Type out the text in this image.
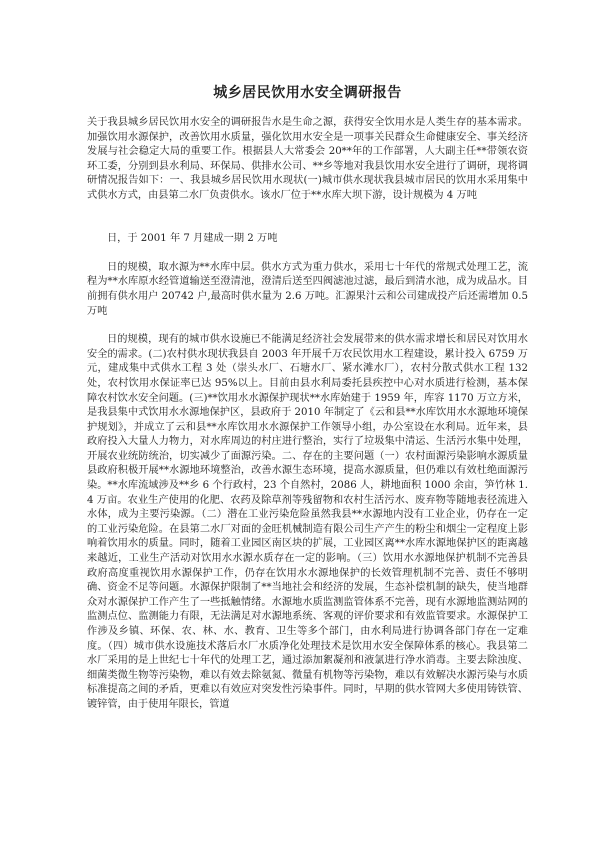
城乡居民饮用水安全调研报告

关于我县城乡居民饮用水安全的调研报告水是生命之源，获得安全饮用水是人类生存的基本需求。加强饮用水源保护，改善饮用水质量，强化饮用水安全是一项事关民群众生命健康安全、事关经济发展与社会稳定大局的重要工作。根据县人大常委会 20**年的工作部署，人大副主任**带领农资环工委，分别到县水利局、环保局、供排水公司、**乡等地对我县饮用水安全进行了调研，现将调研情况报告如下：一、我县城乡居民饮用水现状(一)城市供水现状我县城市居民的饮用水采用集中式供水方式，由县第二水厂负责供水。该水厂位于**水库大坝下游，设计规模为 4 万吨

日，于 2001 年 7 月建成一期 2 万吨

日的规模，取水源为**水库中层。供水方式为重力供水，采用七十年代的常规式处理工艺，流程为**水库原水经管道输送至澄清池，澄清后送至四阀滤池过滤，最后到清水池，成为成品水。目前拥有供水用户 20742 户,最高时供水量为 2.6 万吨。汇源果汁云和公司建成投产后还需增加 0.5 万吨

日的规模，现有的城市供水设施已不能满足经济社会发展带来的供水需求增长和居民对饮用水安全的需求。(二)农村供水现状我县自 2003 年开展千万农民饮用水工程建设，累计投入 6759 万元，建成集中式供水工程 3 处（崇头水厂、石塘水厂、紧水滩水厂），农村分散式供水工程 132 处，农村饮用水保证率已达 95%以上。目前由县水利局委托县疾控中心对水质进行检测，基本保障农村饮水安全问题。(三)**饮用水水源保护现状**水库始建于 1959 年，库容 1170 万立方米，是我县集中式饮用水水源地保护区，县政府于 2010 年制定了《云和县**水库饮用水水源地环境保护规划》，并成立了云和县**水库饮用水水源保护工作领导小组，办公室设在水利局。近年来，县政府投入大量人力物力，对水库周边的村庄进行整治，实行了垃圾集中清运、生活污水集中处理，开展农业统防统治，切实减少了面源污染。二、存在的主要问题（一）农村面源污染影响水源质量县政府积极开展**水源地环境整治，改善水源生态环境，提高水源质量，但仍难以有效杜绝面源污染。**水库流域涉及**乡 6 个行政村，23 个自然村，2086 人，耕地面积 1000 余亩，笋竹林 1.4 万亩。农业生产使用的化肥、农药及除草剂等残留物和农村生活污水、废弃物等随地表径流进入水体，成为主要污染源。（二）潜在工业污染危险虽然我县**水源地内没有工业企业，仍存在一定的工业污染危险。在县第二水厂对面的金旺机械制造有限公司生产产生的粉尘和烟尘一定程度上影响着饮用水的质量。同时，随着工业园区南区块的扩展，工业园区离**水库水源地保护区的距离越来越近，工业生产活动对饮用水水源水质存在一定的影响。（三）饮用水水源地保护机制不完善县政府高度重视饮用水源保护工作，仍存在饮用水水源地保护的长效管理机制不完善、责任不够明确、资金不足等问题。水源保护限制了**当地社会和经济的发展，生态补偿机制的缺失，使当地群众对水源保护工作产生了一些抵触情绪。水源地水质监测监管体系不完善，现有水源地监测站网的监测点位、监测能力有限，无法满足对水源地系统、客观的评价要求和有效监管要求。水源保护工作涉及乡镇、环保、农、林、水、教育、卫生等多个部门，由水利局进行协调各部门存在一定难度。（四）城市供水设施技术落后水厂水质净化处理技术是饮用水安全保障体系的核心。我县第二水厂采用的是上世纪七十年代的处理工艺，通过添加絮凝剂和液氯进行净水消毒。主要去除浊度、细菌类微生物等污染物，难以有效去除氨氮、微量有机物等污染物，难以有效解决水源污染与水质标准提高之间的矛盾，更难以有效应对突发性污染事件。同时，早期的供水管网大多使用铸铁管、镀锌管，由于使用年限长，管道
